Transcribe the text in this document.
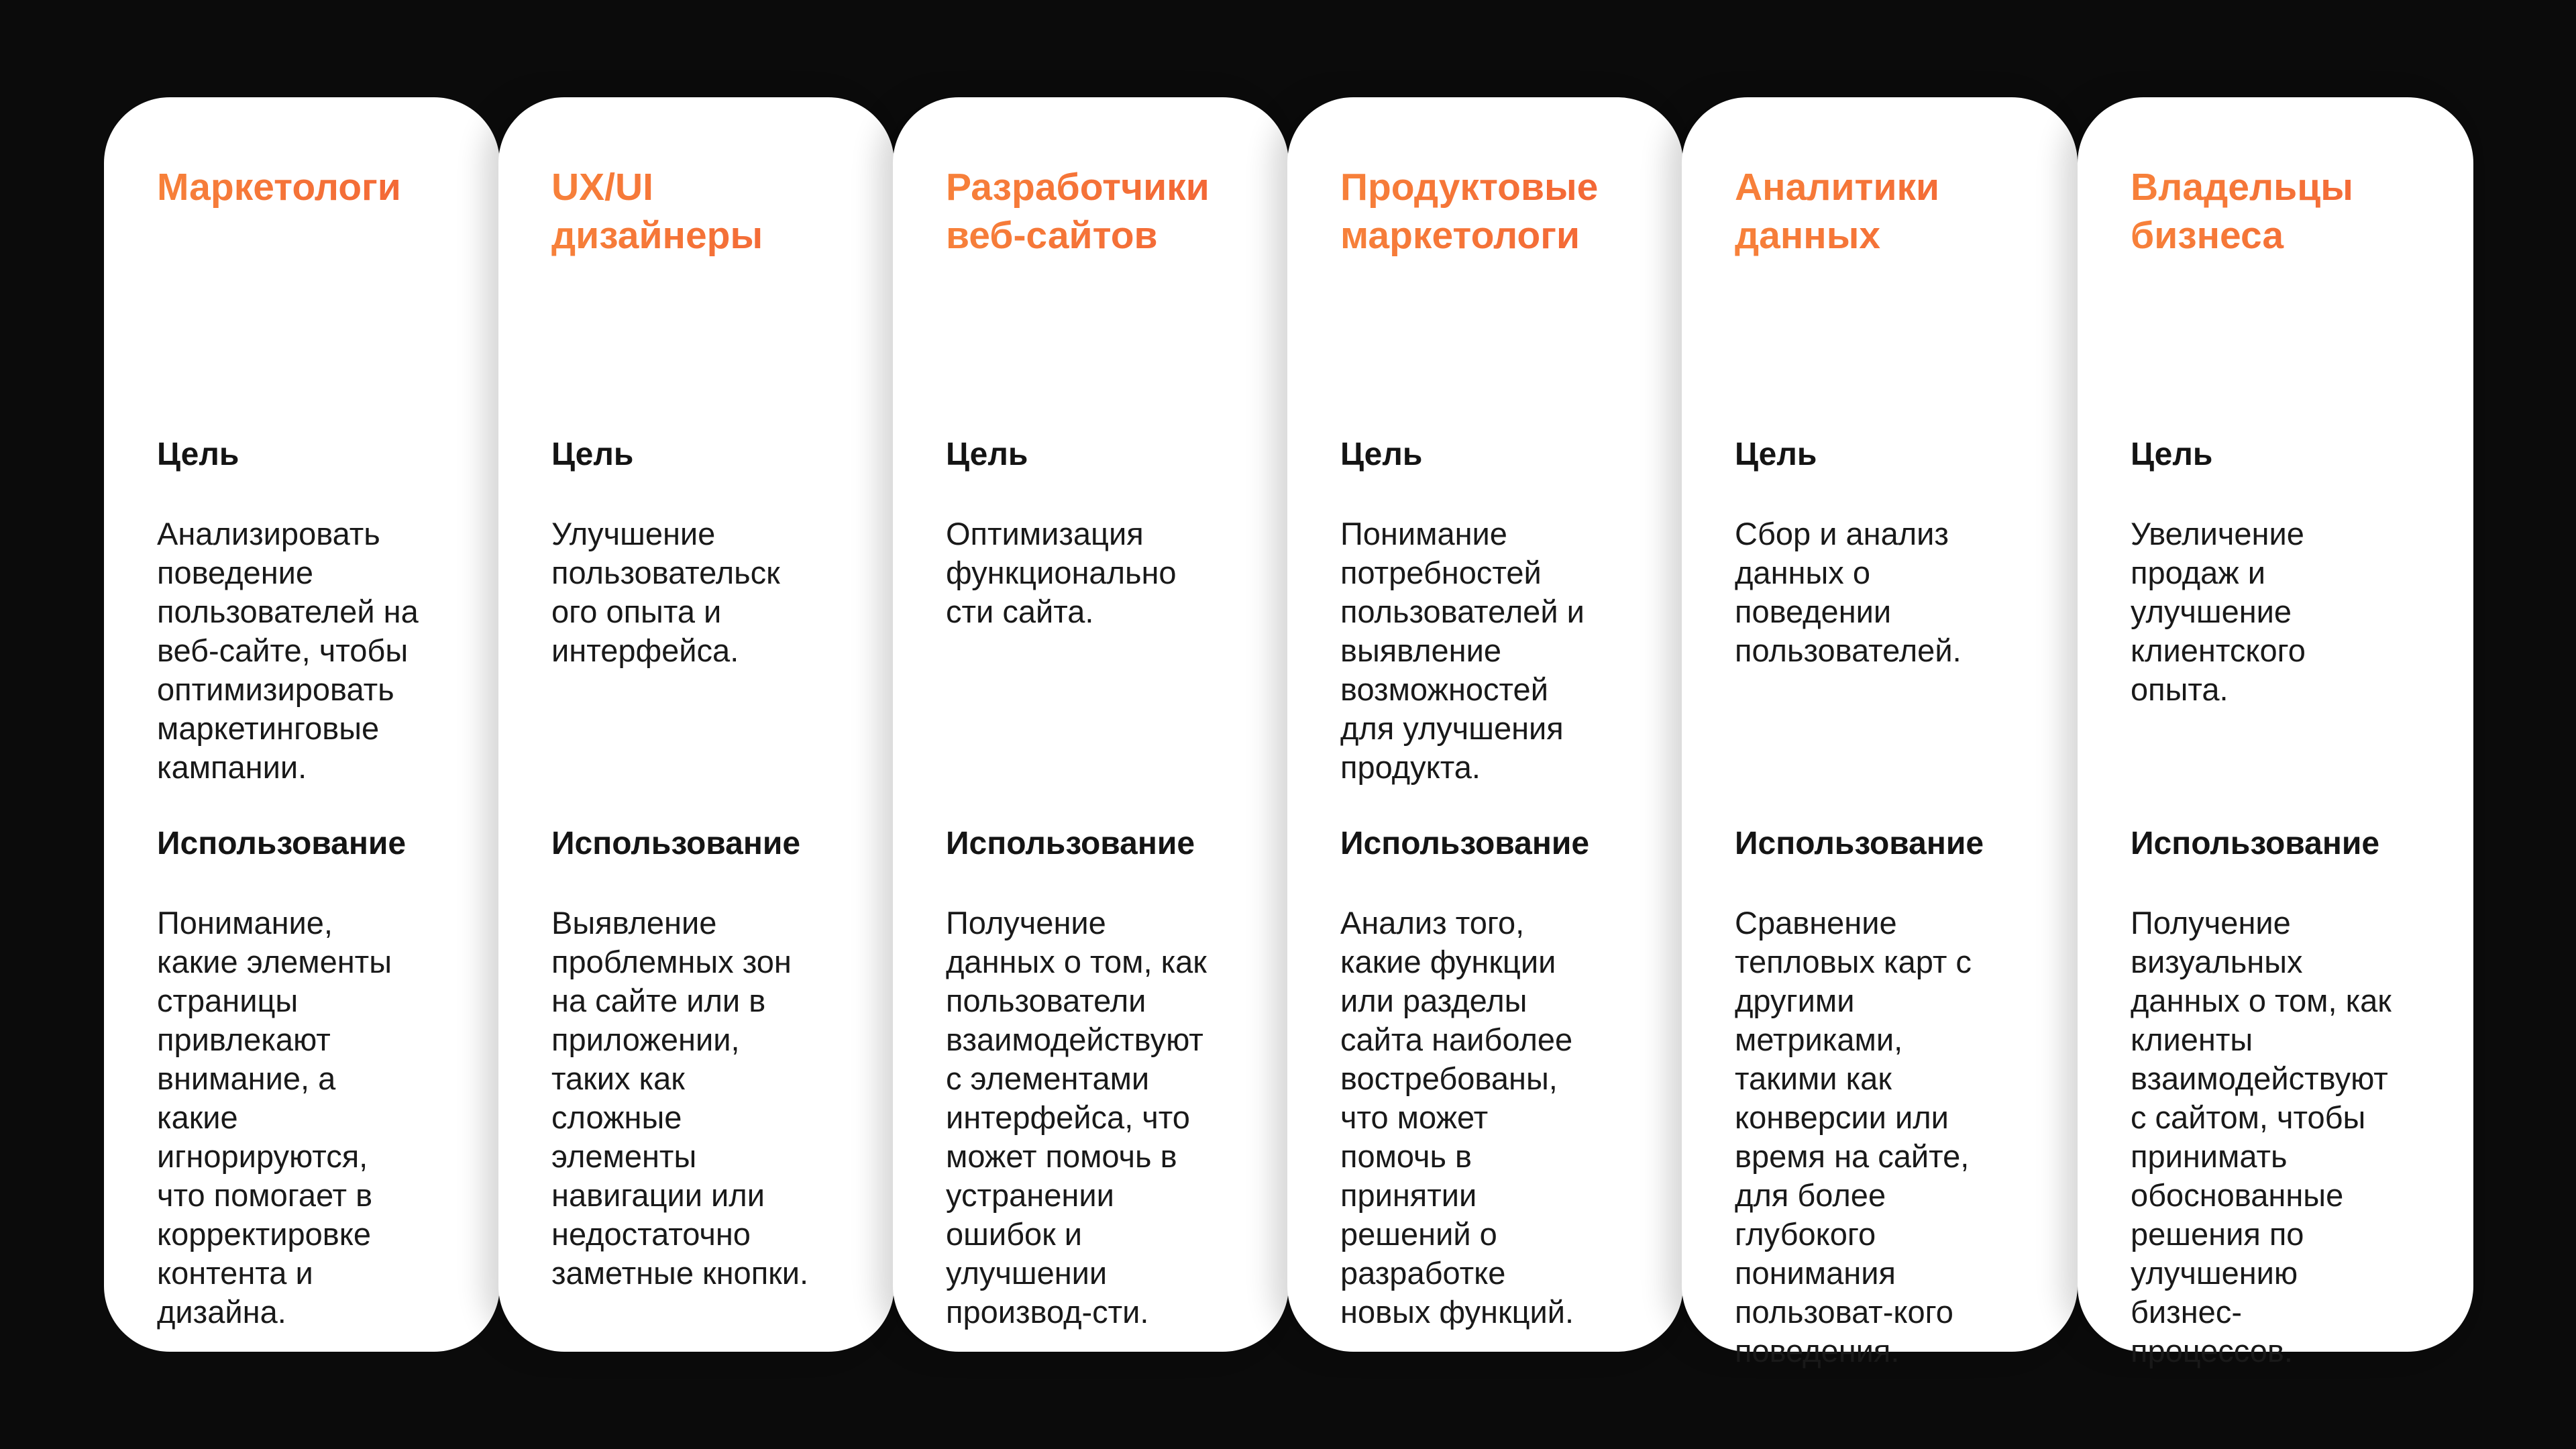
Маркетологи
Цель
Анализировать
поведение
пользователей на
веб-сайте, чтобы
оптимизировать
маркетинговые
кампании.
Использование
Понимание,
какие элементы
страницы
привлекают
внимание, а
какие
игнорируются,
что помогает в
корректировке
контента и
дизайна.
UX/UI дизайнеры
Цель
Улучшение
пользовательск
ого опыта и
интерфейса.
Использование
Выявление
проблемных зон
на сайте или в
приложении,
таких как
сложные
элементы
навигации или
недостаточно
заметные кнопки.
Разработчики веб-сайтов
Цель
Оптимизация
функционально
сти сайта.
Использование
Получение
данных о том, как
пользователи
взаимодействуют
с элементами
интерфейса, что
может помочь в
устранении
ошибок и
улучшении
производ-сти.
Продуктовые маркетологи
Цель
Понимание
потребностей
пользователей и
выявление
возможностей
для улучшения
продукта.
Использование
Анализ того,
какие функции
или разделы
сайта наиболее
востребованы,
что может
помочь в
принятии
решений о
разработке
новых функций.
Аналитики данных
Цель
Сбор и анализ
данных о
поведении
пользователей.
Использование
Сравнение
тепловых карт с
другими
метриками,
такими как
конверсии или
время на сайте,
для более
глубокого
понимания
пользоват-кого
поведения.
Владельцы бизнеса
Цель
Увеличение
продаж и
улучшение
клиентского
опыта.
Использование
Получение
визуальных
данных о том, как
клиенты
взаимодействуют
с сайтом, чтобы
принимать
обоснованные
решения по
улучшению
бизнес-
процессов.
